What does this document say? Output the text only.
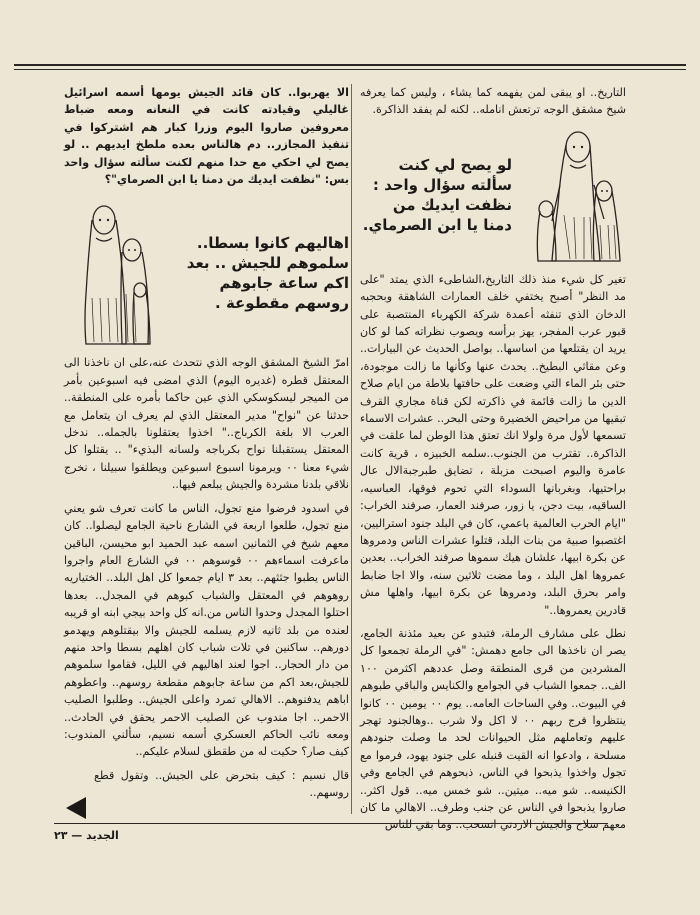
التاريخ.. او يبقى لمن يفهمه كما يشاء ، وليس كما يعرفه شيخ مشقق الوجه ترتعش انامله.. لكنه لم يفقد الذاكرة.

لو يصح لي كنت سألته سؤال واحد : نظفت ايديك من دمنا يا ابن الصرماي.

تغير كل شيء منذ ذلك التاريخ،الشاطىء الذي يمتد "على مد النظر" أصبح يختفي خلف العمارات الشاهقة وبحجبه الدخان الذي تنفثه أعمدة شركة الكهرباء المنتصبة على قبور عرب المفجر، يهز برأسه ويصوب نظراته كما لو كان يريد ان يقتلعها من اساسها.. بواصل الحديث عن البيارات.. وعن مقاثي البطيخ.. يحدث عنها وكأنها ما زالت موجودة، حتى بئر الماء التي وضعت على حافتها بلاطة من ايام صلاح الدين ما زالت قائمة في ذاكرته لكن قناة مجاري القرف تبقيها من مراحيض الخضيرة وحتى البحر.. عشرات الاسماء تسمعها لأول مرة ولولا انك تعتق هذا الوطن لما علقت في الذاكرة.. تقترب من الجنوب..سلمه الخبيزه ، قرية كانت عامرة واليوم اصبحت مزبلة ، تضايق طبرجبةالال عال براحتيها، وبغربانها السوداء التي تحوم فوقها، العباسيه، الساقيه، بيت دجن، يا زور، صرفند العمار، صرفند الخراب: "ايام الحرب العالمية باعمي، كان في البلد جنود استراليين، اغتصبوا صبية من بنات البلد، قتلوا عشرات الناس ودمروها عن بكرة ابيها، علشان هيك سموها صرفند الخراب.. بعدين عمروها اهل البلد ، وما مضت ثلاثين سنه، والا اجا ضابط وامر بحرق البلد، ودمروها عن بكرة ابيها، واهلها مش قادرين يعمروها.."

نطل على مشارف الرملة، فتبدو عن بعيد مئذنة الجامع، يصر ان ناخذها الى جامع دهمش: "في الرملة تجمعوا كل المشردين من قرى المنطقة وصل عددهم اكثرمن ١٠٠ الف.. جمعوا الشباب في الجوامع والكنايس والباقي طبوهم في البيوت.. وفي الساحات العامه.. يوم ٠٠ يومين ٠٠ كانوا ينتظروا فرج ربهم ٠٠ لا اكل ولا شرب ..وهالجنود تهجر عليهم وتعاملهم مثل الحيوانات لحد ما وصلت جنودهم مسلحة ، وادعوا انه القيت قنبله على جنود يهود، فرموا مع تجول واخذوا يذبحوا في الناس، ذبحوهم في الجامع وفي الكنيسه.. شو ميه.. ميتين.. شو خمس ميه.. قول اكثر.. صاروا يذبحوا في الناس عن جنب وطرف.. الاهالي ما كان معهم سلاح والجيش الاردني انسحب.. وما بقي للناس

الا يهربوا.. كان قائد الجيش يومها أسمه اسرائيل غاليلي وقيادته كانت في النعانه ومعه ضباط معروفين صاروا اليوم وزرا كبار هم اشتركوا في تنفيذ المجازر.. دم هالناس بعده ملطخ ايديهم .. لو يصح لي احكي مع حدا منهم لكنت سألته سؤال واحد بس: "نظفت ايديك من دمنا يا ابن الصرماي"؟

اهاليهم كانوا بسطا.. سلموهم للجيش .. بعد اكم ساعة جابوهم روسهم مقطوعة .

امرّ الشيخ المشقق الوجه الذي نتحدث عنه،على ان ناخذنا الى المعتقل قطره (غديره اليوم) الذي امضى فيه اسبوعين بأمر من الميجر ليسكوسكي الذي عين حاكما بأمره على المنطقة.. حدثنا عن "نواح" مدير المعتقل الذي لم يعرف ان يتعامل مع العرب الا بلغة الكرباج.." اخذوا يعتقلونا بالجمله.. ندخل المعتقل يستقبلنا نواح بكرباجه ولسانه البذيء" .. يقتلوا كل شيء معنا ٠٠ ويرمونا اسبوع اسبوعين ويطلقوا سبيلنا ، نخرج نلاقي بلدنا مشردة والجيش يبلعم فيها..

في اسدود فرضوا منع تجول، الناس ما كانت تعرف شو يعني منع تجول، طلعوا اربعة في الشارع ناحية الجامع ليصلوا.. كان معهم شيخ في الثمانين اسمه عبد الحميد ابو محيسن، الباقين ماعرفت اسماءهم ٠٠ قوسوهم ٠٠ في الشارع العام واجروا الناس يطبوا جثثهم.. بعد ٣ ايام جمعوا كل اهل البلد.. الختياريه روهوهم في المعتقل والشباب كبوهم في المجدل.. بعدها احتلوا المجدل وحدوا الناس من.انه كل واحد بيجي ابنه او قريبه لعنده من بلد ثانيه لازم يسلمه للجيش والا بيقتلوهم ويهدمو دورهم.. ساكنين في تلات شباب كان اهلهم بسطا واحد منهم من دار الحجار.. اجوا لعند اهاليهم في الليل، فقاموا سلموهم للجيش،بعد اكم من ساعة جابوهم مقطعة روسهم.. واعطوهم اباهم يدفنوهم.. الاهالي تمرد واعلى الجيش.. وطلبوا الصليب الاحمر.. اجا مندوب عن الصليب الاحمر يحقق في الحادث.. ومعه نائب الحاكم العسكري أسمه نسيم، سألني المندوب: كيف صار؟ حكيت له من طقطق لسلام عليكم..

قال نسيم : كيف بتحرض على الجيش.. وتقول قطع روسهم..

الجديد — ٢٣
